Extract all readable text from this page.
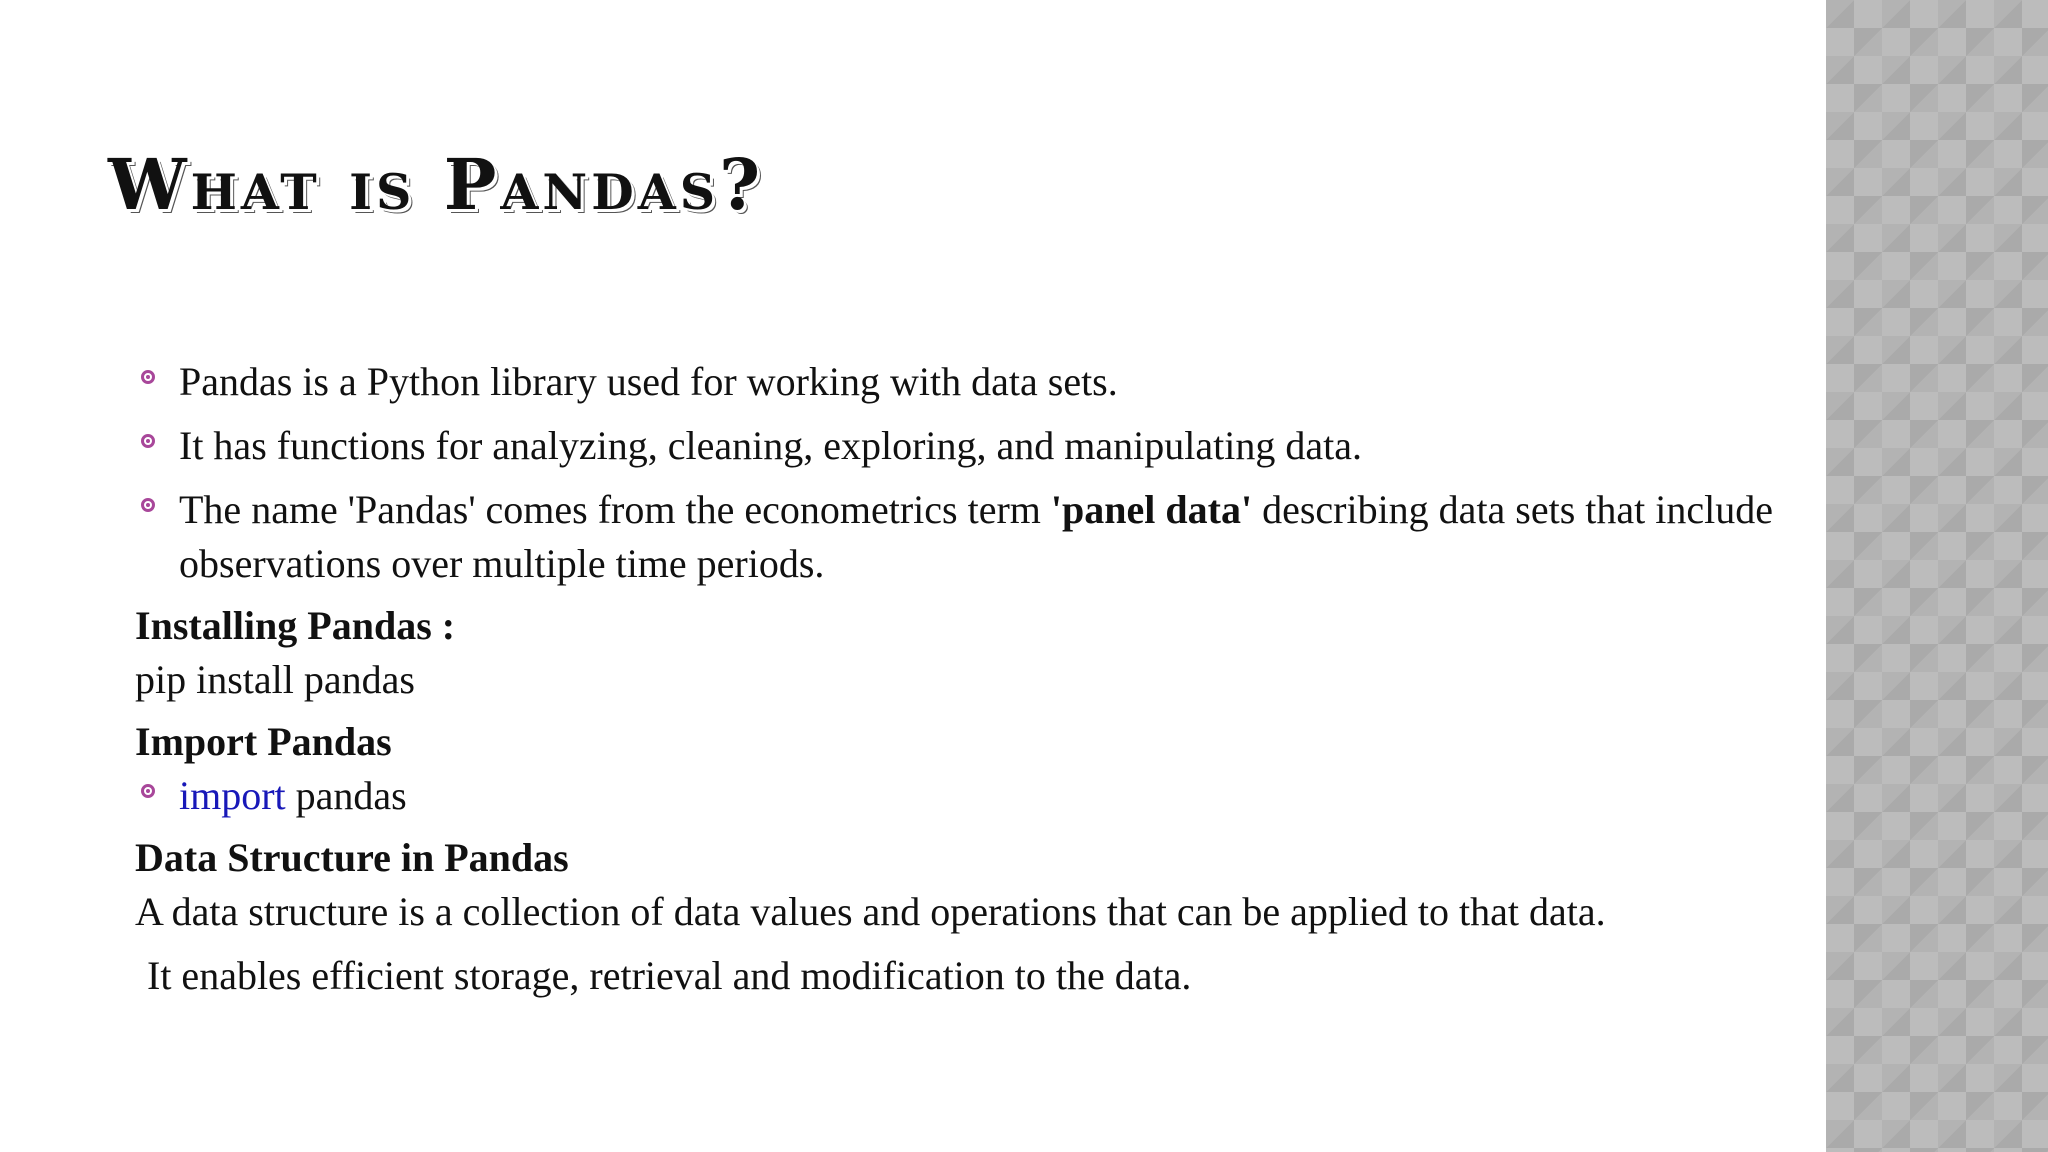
What is Pandas?
Pandas is a Python library used for working with data sets.
It has functions for analyzing, cleaning, exploring, and manipulating data.
The name 'Pandas' comes from the econometrics term 'panel data' describing data sets that include observations over multiple time periods.
Installing Pandas :
pip install pandas
Import Pandas
import pandas
Data Structure in Pandas
A data structure is a collection of data values and operations that can be applied to that data.
It enables efficient storage, retrieval and modification to the data.
